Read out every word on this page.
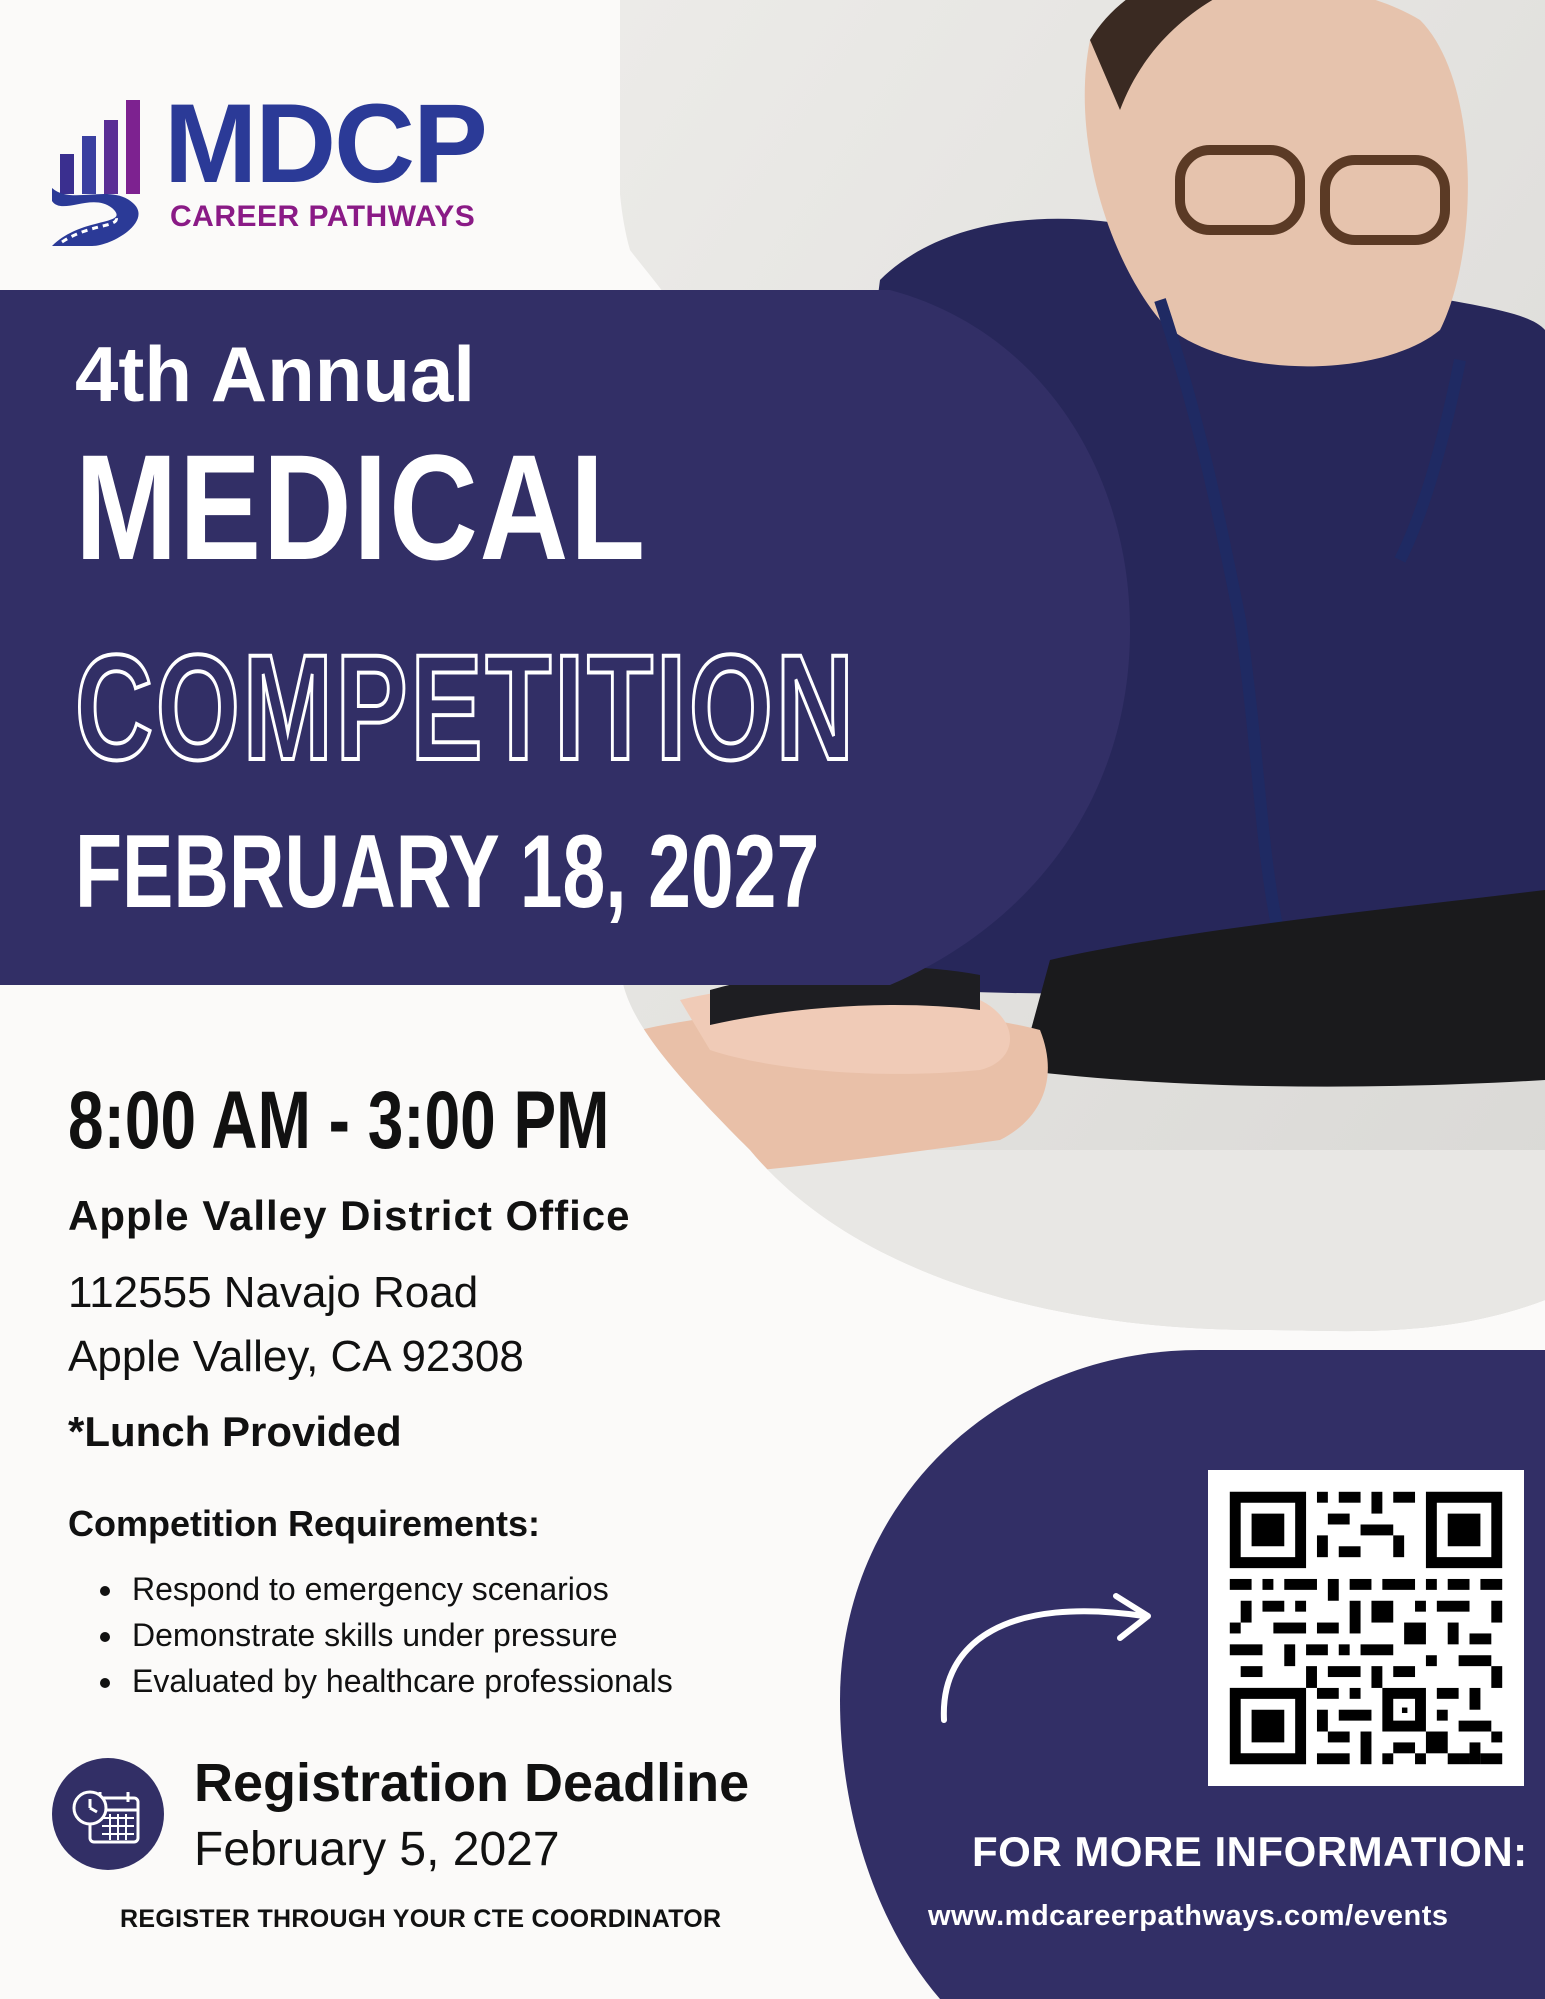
MDCP
CAREER PATHWAYS
4th Annual
MEDICAL
COMPETITION
FEBRUARY 18, 2027
8:00 AM - 3:00 PM
Apple Valley District Office
112555 Navajo Road
Apple Valley, CA 92308
*Lunch Provided
Competition Requirements:
• Respond to emergency scenarios
• Demonstrate skills under pressure
• Evaluated by healthcare professionals
Registration Deadline
February 5, 2027
REGISTER THROUGH YOUR CTE COORDINATOR
FOR MORE INFORMATION:
www.mdcareerpathways.com/events
